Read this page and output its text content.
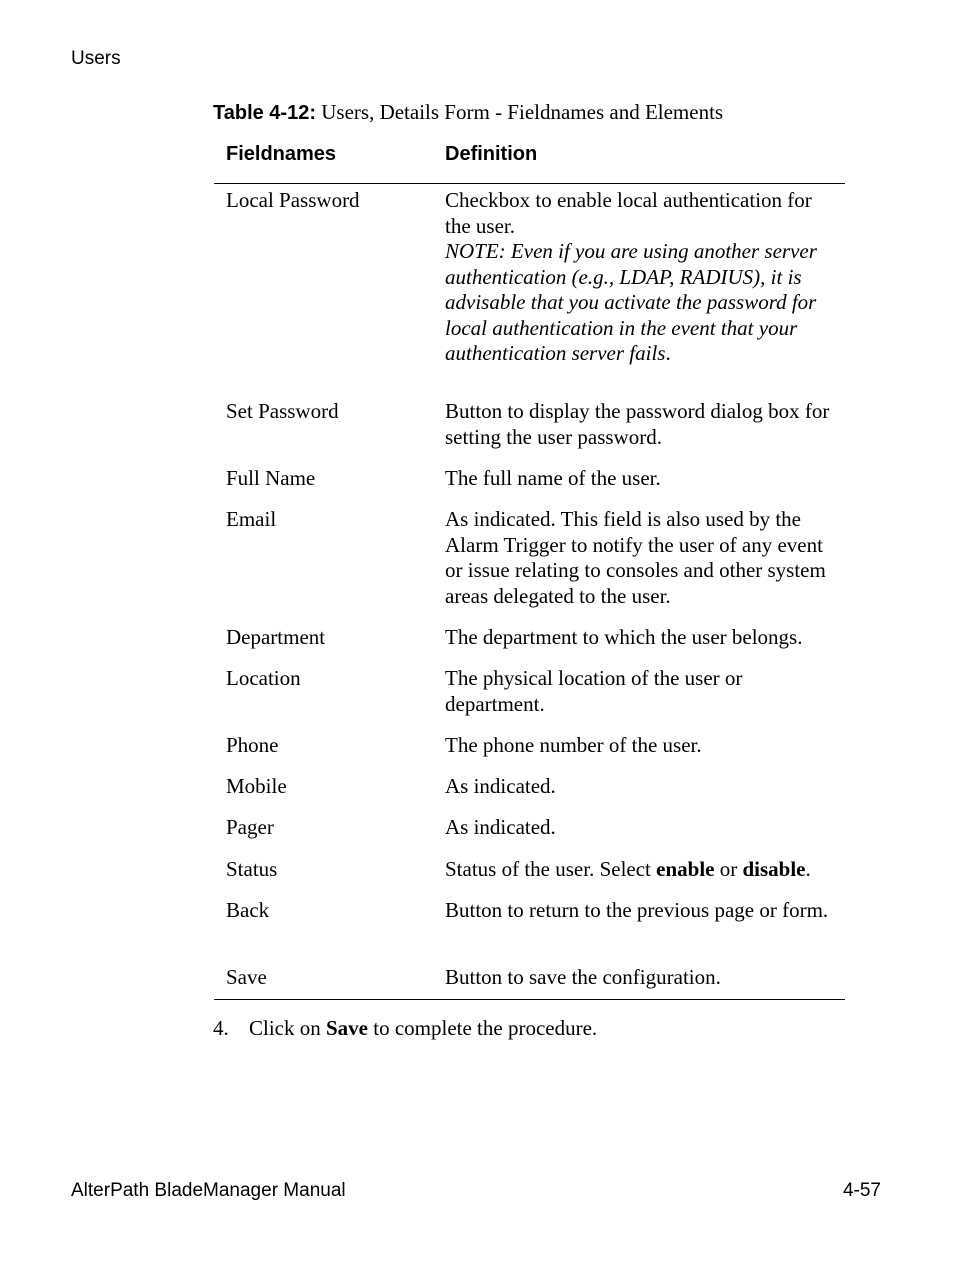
Users
Table 4-12: Users, Details Form - Fieldnames and Elements
Fieldnames	Definition
Local Password	Checkbox to enable local authentication for the user.

NOTE: Even if you are using another server authentication (e.g., LDAP, RADIUS), it is advisable that you activate the password for local authentication in the event that your authentication server fails.

Set Password	Button to display the password dialog box for setting the user password.
Full Name	The full name of the user.
Email	As indicated. This field is also used by the Alarm Trigger to notify the user of any event or issue relating to consoles and other system areas delegated to the user.
Department	The department to which the user belongs.
Location	The physical location of the user or department.
Phone	The phone number of the user.
Mobile	As indicated.
Pager	As indicated.
Status	Status of the user. Select enable or disable.
Back	Button to return to the previous page or form.
Save	Button to save the configuration.
4. Click on Save to complete the procedure.
AlterPath BladeManager Manual	4-57
